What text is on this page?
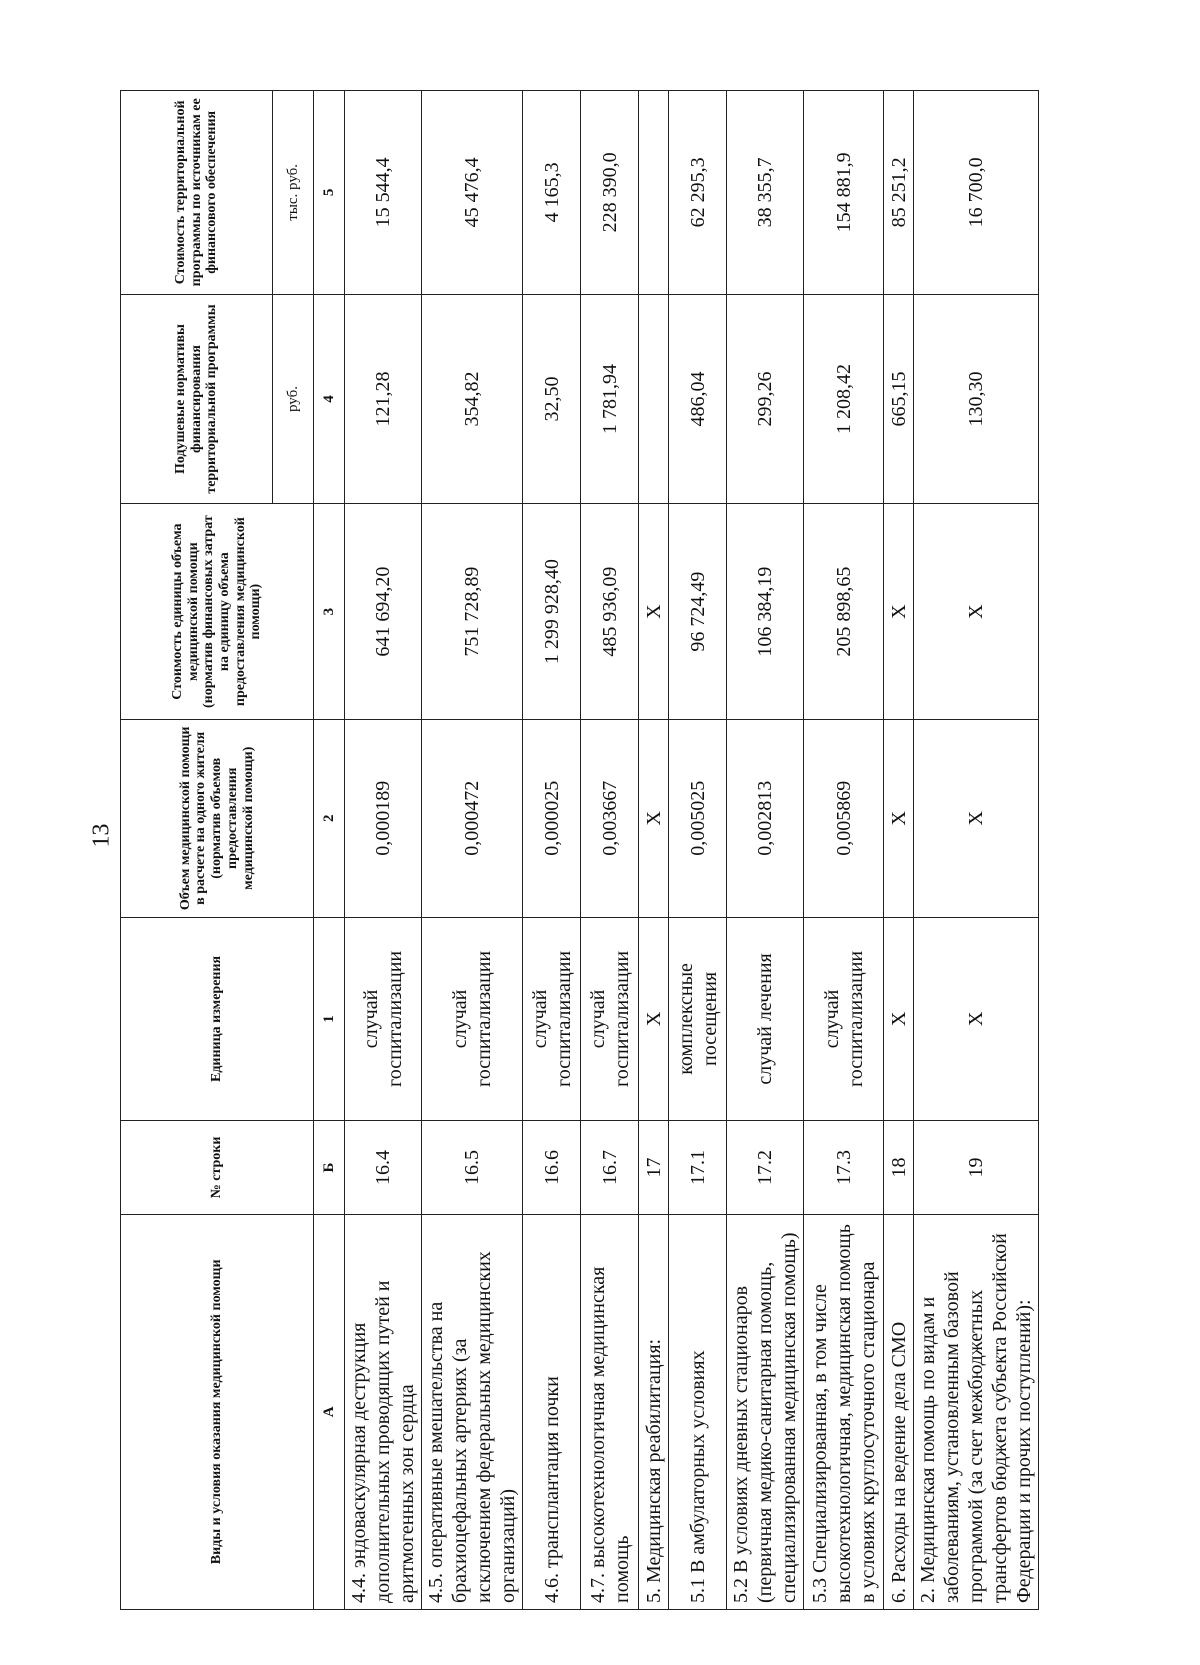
13
Виды и условия оказания медицинской помощи	№ строки	Единица измерения	Объем медицинской помощи в расчете на одного жителя (норматив объемов предоставления медицинской помощи)	Стоимость единицы объема медицинской помощи (норматив финансовых затрат на единицу объема предоставления медицинской помощи)	Подушевые нормативы финансирования территориальной программы	Стоимость территориальной программы по источникам ее финансового обеспечения
					руб.	тыс. руб.
А	Б	1	2	3	4	5
4.4. эндоваскулярная деструкция дополнительных проводящих путей и аритмогенных зон сердца	16.4	случай госпитализации	0,000189	641 694,20	121,28	15 544,4
4.5. оперативные вмешательства на брахиоцефальных артериях (за исключением федеральных медицинских организаций)	16.5	случай госпитализации	0,000472	751 728,89	354,82	45 476,4
4.6. трансплантация почки	16.6	случай госпитализации	0,000025	1 299 928,40	32,50	4 165,3
4.7. высокотехнологичная медицинская помощь	16.7	случай госпитализации	0,003667	485 936,09	1 781,94	228 390,0
5. Медицинская реабилитация:	17	Х	Х	Х		
5.1 В амбулаторных условиях	17.1	комплексные посещения	0,005025	96 724,49	486,04	62 295,3
5.2 В условиях дневных стационаров (первичная медико-санитарная помощь, специализированная медицинская помощь)	17.2	случай лечения	0,002813	106 384,19	299,26	38 355,7
5.3 Специализированная, в том числе высокотехнологичная, медицинская помощь в условиях круглосуточного стационара	17.3	случай госпитализации	0,005869	205 898,65	1 208,42	154 881,9
6. Расходы на ведение дела СМО	18	Х	Х	Х	665,15	85 251,2
2. Медицинская помощь по видам и заболеваниям, установленным базовой программой (за счет межбюджетных трансфертов бюджета субъекта Российской Федерации и прочих поступлений):	19	Х	Х	Х	130,30	16 700,0
